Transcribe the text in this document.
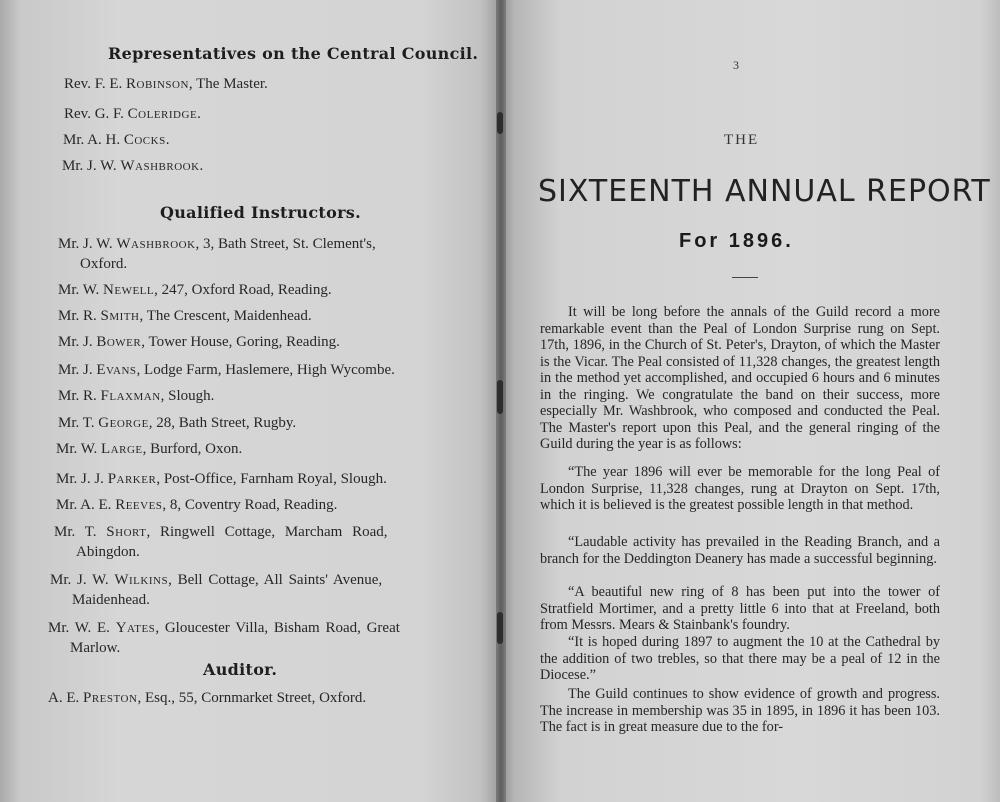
Representatives on the Central Council.
Rev. F. E. Robinson, The Master.
Rev. G. F. Coleridge.
Mr. A. H. Cocks.
Mr. J. W. Washbrook.
Qualified Instructors.
Mr. J. W. Washbrook, 3, Bath Street, St. Clement's,
Oxford.
Mr. W. Newell, 247, Oxford Road, Reading.
Mr. R. Smith, The Crescent, Maidenhead.
Mr. J. Bower, Tower House, Goring, Reading.
Mr. J. Evans, Lodge Farm, Haslemere, High Wycombe.
Mr. R. Flaxman, Slough.
Mr. T. George, 28, Bath Street, Rugby.
Mr. W. Large, Burford, Oxon.
Mr. J. J. Parker, Post-Office, Farnham Royal, Slough.
Mr. A. E. Reeves, 8, Coventry Road, Reading.
Mr. T. Short, Ringwell Cottage, Marcham Road,
Abingdon.
Mr. J. W. Wilkins, Bell Cottage, All Saints' Avenue,
Maidenhead.
Mr. W. E. Yates, Gloucester Villa, Bisham Road, Great
Marlow.
Auditor.
A. E. Preston, Esq., 55, Cornmarket Street, Oxford.
3
THE
SIXTEENTH ANNUAL REPORT
For 1896.
It will be long before the annals of the Guild record a more remarkable event than the Peal of London Surprise rung on Sept. 17th, 1896, in the Church of St. Peter's, Drayton, of which the Master is the Vicar. The Peal consisted of 11,328 changes, the greatest length in the method yet accomplished, and occupied 6 hours and 6 minutes in the ringing. We congratulate the band on their success, more especially Mr. Washbrook, who composed and conducted the Peal. The Master's report upon this Peal, and the general ringing of the Guild during the year is as follows:
“The year 1896 will ever be memorable for the long Peal of London Surprise, 11,328 changes, rung at Drayton on Sept. 17th, which it is believed is the greatest possible length in that method.
“Laudable activity has prevailed in the Reading Branch, and a branch for the Deddington Deanery has made a successful beginning.
“A beautiful new ring of 8 has been put into the tower of Stratfield Mortimer, and a pretty little 6 into that at Freeland, both from Messrs. Mears & Stainbank's foundry.
“It is hoped during 1897 to augment the 10 at the Cathedral by the addition of two trebles, so that there may be a peal of 12 in the Diocese.”
The Guild continues to show evidence of growth and progress. The increase in membership was 35 in 1895, in 1896 it has been 103. The fact is in great measure due to the for-
